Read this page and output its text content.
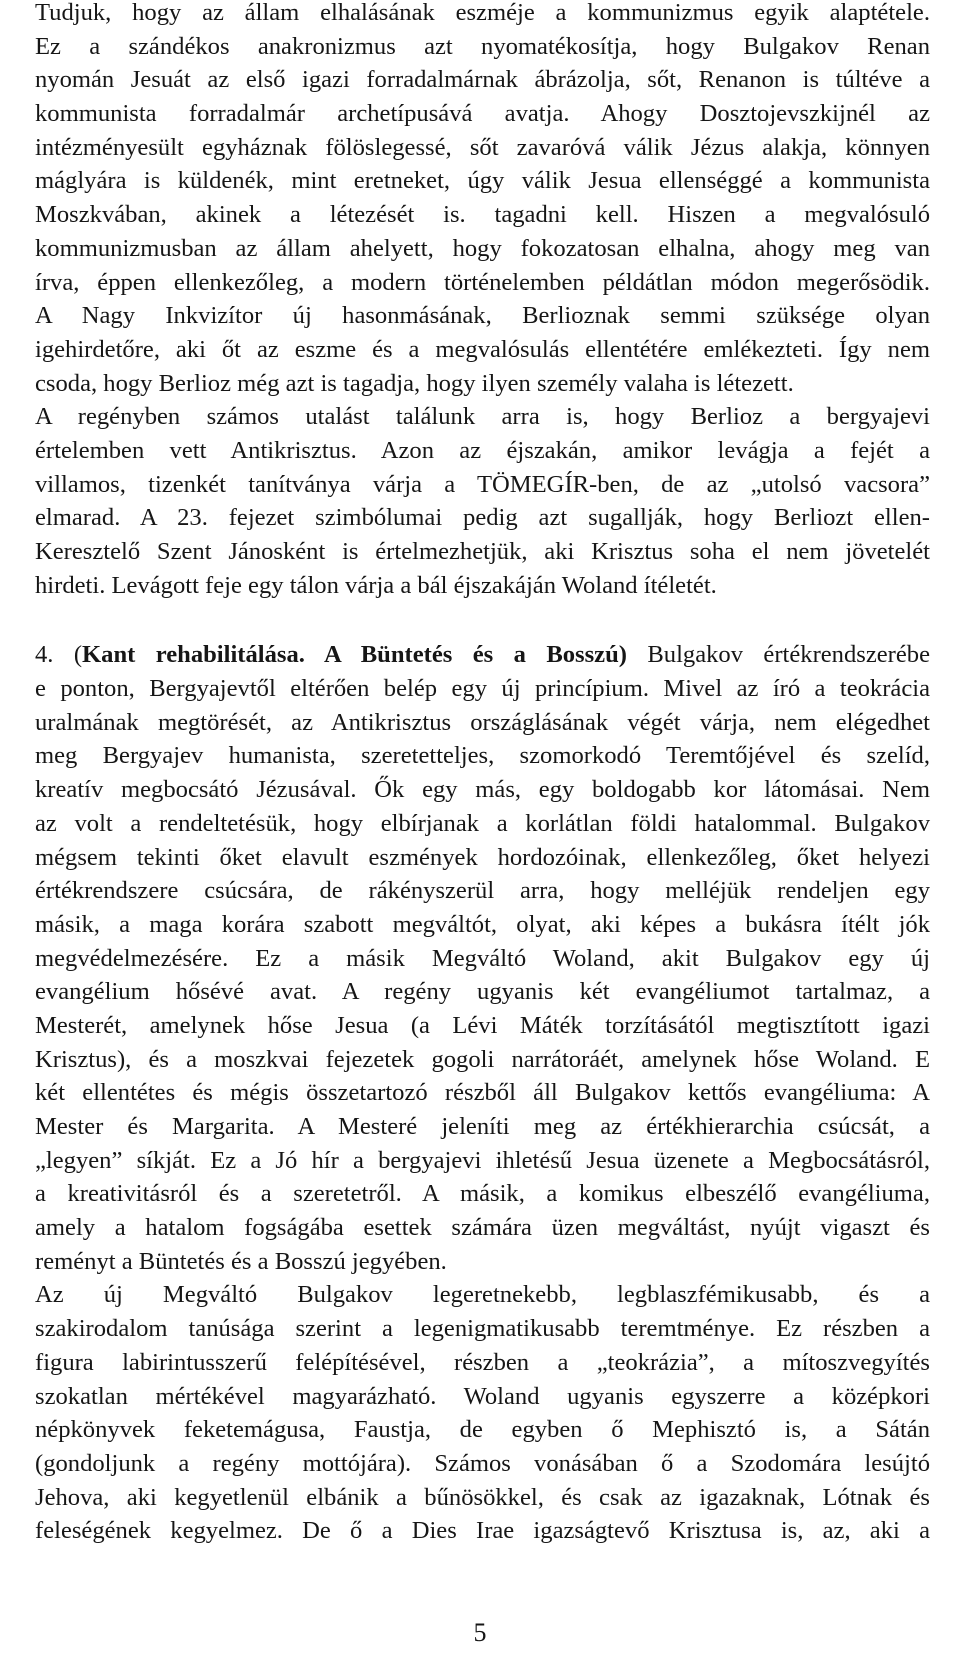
Tudjuk, hogy az állam elhalásának eszméje a kommunizmus egyik alaptétele.
Ez a szándékos anakronizmus azt nyomatékosítja, hogy Bulgakov Renan
nyomán Jesuát az első igazi forradalmárnak ábrázolja, sőt, Renanon is túltéve a
kommunista forradalmár archetípusává avatja. Ahogy Dosztojevszkijnél az
intézményesült egyháznak fölöslegessé, sőt zavaróvá válik Jézus alakja, könnyen
máglyára is küldenék, mint eretneket, úgy válik Jesua ellenséggé a kommunista
Moszkvában, akinek a létezését is. tagadni kell. Hiszen a megvalósuló
kommunizmusban az állam ahelyett, hogy fokozatosan elhalna, ahogy meg van
írva, éppen ellenkezőleg, a modern történelemben példátlan módon megerősödik.
A Nagy Inkvizítor új hasonmásának, Berlioznak semmi szüksége olyan
igehirdetőre, aki őt az eszme és a megvalósulás ellentétére emlékezteti. Így nem
csoda, hogy Berlioz még azt is tagadja, hogy ilyen személy valaha is létezett.
A regényben számos utalást találunk arra is, hogy Berlioz a bergyajevi
értelemben vett Antikrisztus. Azon az éjszakán, amikor levágja a fejét a
villamos, tizenkét tanítványa várja a TÖMEGÍR-ben, de az „utolsó vacsora”
elmarad. A 23. fejezet szimbólumai pedig azt sugallják, hogy Berliozt ellen-
Keresztelő Szent Jánosként is értelmezhetjük, aki Krisztus soha el nem jövetelét
hirdeti. Levágott feje egy tálon várja a bál éjszakáján Woland ítéletét.
4. (Kant rehabilitálása. A Büntetés és a Bosszú) Bulgakov értékrendszerébe
e ponton, Bergyajevtől eltérően belép egy új princípium. Mivel az író a teokrácia
uralmának megtörését, az Antikrisztus országlásának végét várja, nem elégedhet
meg Bergyajev humanista, szeretetteljes, szomorkodó Teremtőjével és szelíd,
kreatív megbocsátó Jézusával. Ők egy más, egy boldogabb kor látomásai. Nem
az volt a rendeltetésük, hogy elbírjanak a korlátlan földi hatalommal. Bulgakov
mégsem tekinti őket elavult eszmények hordozóinak, ellenkezőleg, őket helyezi
értékrendszere csúcsára, de rákényszerül arra, hogy melléjük rendeljen egy
másik, a maga korára szabott megváltót, olyat, aki képes a bukásra ítélt jók
megvédelmezésére. Ez a másik Megváltó Woland, akit Bulgakov egy új
evangélium hősévé avat. A regény ugyanis két evangéliumot tartalmaz, a
Mesterét, amelynek hőse Jesua (a Lévi Máték torzításától megtisztított igazi
Krisztus), és a moszkvai fejezetek gogoli narrátoráét, amelynek hőse Woland. E
két ellentétes és mégis összetartozó részből áll Bulgakov kettős evangéliuma: A
Mester és Margarita. A Mesteré jeleníti meg az értékhierarchia csúcsát, a
„legyen” síkját. Ez a Jó hír a bergyajevi ihletésű Jesua üzenete a Megbocsátásról,
a kreativitásról és a szeretetről. A másik, a komikus elbeszélő evangéliuma,
amely a hatalom fogságába esettek számára üzen megváltást, nyújt vigaszt és
reményt a Büntetés és a Bosszú jegyében.
Az új Megváltó Bulgakov legeretnekebb, legblaszfémikusabb, és a
szakirodalom tanúsága szerint a legenigmatikusabb teremtménye. Ez részben a
figura labirintusszerű felépítésével, részben a „teokrázia”, a mítoszvegyítés
szokatlan mértékével magyarázható. Woland ugyanis egyszerre a középkori
népkönyvek feketemágusa, Faustja, de egyben ő Mephisztó is, a Sátán
(gondoljunk a regény mottójára). Számos vonásában ő a Szodomára lesújtó
Jehova, aki kegyetlenül elbánik a bűnösökkel, és csak az igazaknak, Lótnak és
feleségének kegyelmez. De ő a Dies Irae igazságtevő Krisztusa is, az, aki a
5
